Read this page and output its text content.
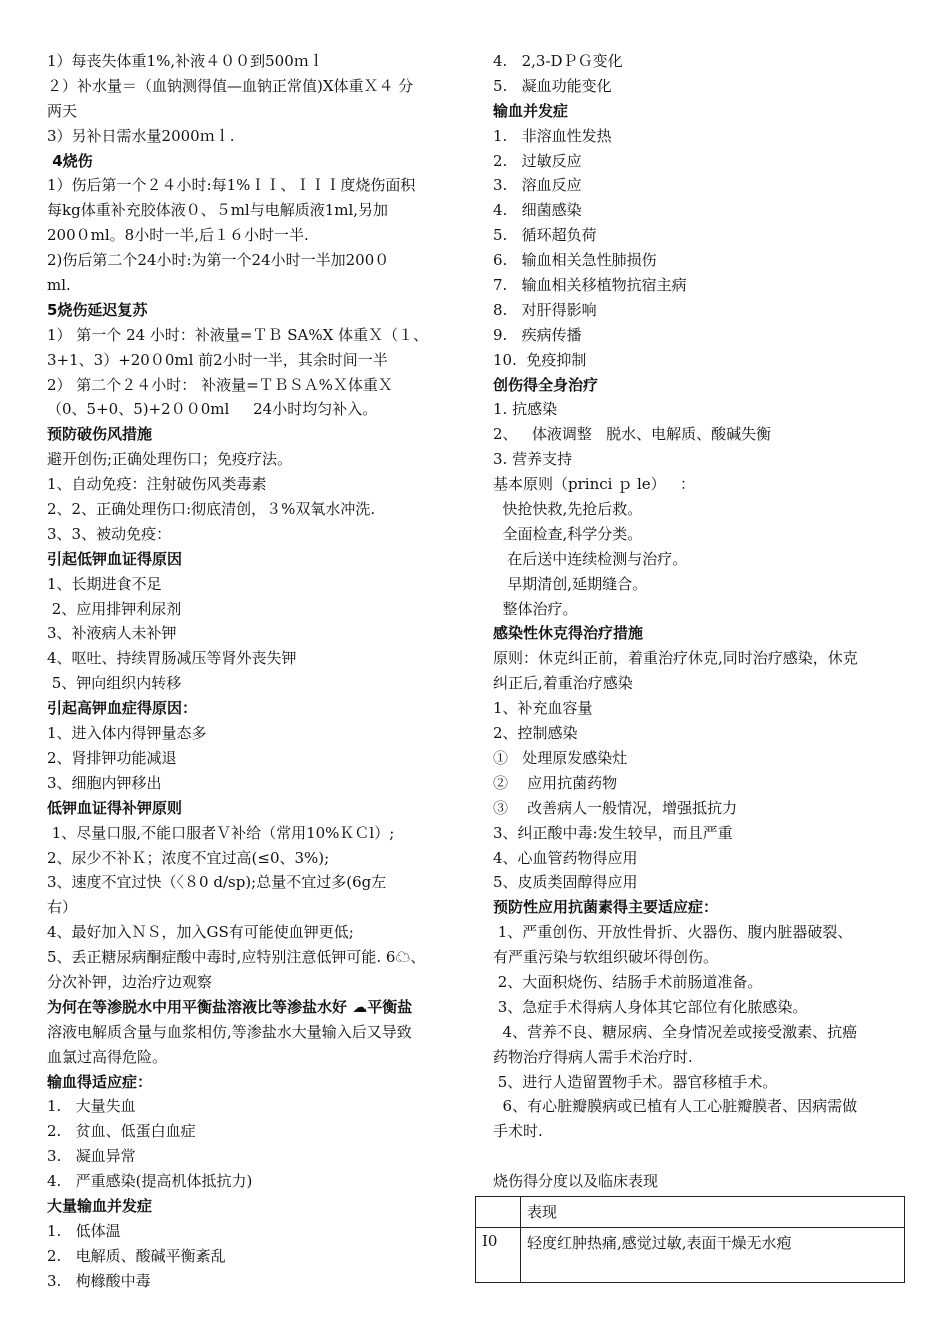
1）每丧失体重1%,补液４００到500ｍｌ
２）补水量＝（血钠测得值—血钠正常值)X体重Ｘ４ 分
两天
3）另补日需水量2000ｍｌ.
4烧伤
1）伤后第一个２４小时:每1%ＩＩ、ＩＩＩ度烧伤面积
每kg体重补充胶体液０、５ml与电解质液1ml,另加
200０ml。8小时一半,后１６小时一半.
2)伤后第二个24小时:为第一个24小时一半加200０
ml.
5烧伤延迟复苏
1） 第一个 24 小时：补液量=ＴＢ SA%X 体重Ｘ（１、
3+1、3）+20０0ml 前2小时一半，其余时间一半
2） 第二个２４小时： 补液量=ＴＢＳＡ%Ｘ体重Ｘ
（0、5+0、5)+2００0ml     24小时均匀补入。
预防破伤风措施
避开创伤;正确处理伤口；免疫疗法。
1、自动免疫：注射破伤风类毒素
2、2、正确处理伤口:彻底清创，３%双氧水冲洗.
3、3、被动免疫：
引起低钾血证得原因
1、长期进食不足
2、应用排钾利尿剂
3、补液病人未补钾
4、呕吐、持续胃肠减压等肾外丧失钾
5、钾向组织内转移
引起高钾血症得原因：
1、进入体内得钾量态多
2、肾排钾功能减退
3、细胞内钾移出
低钾血证得补钾原则
1、尽量口服,不能口服者Ｖ补给（常用10%ＫＣl）;
2、尿少不补Ｋ；浓度不宜过高(≤0、3%);
3、速度不宜过快（〈８0 d/sp);总量不宜过多(6g左
右）
4、最好加入ＮＳ，加入GS有可能使血钾更低;
5、丢正糖尿病酮症酸中毒时,应特别注意低钾可能. 6☁、
分次补钾，边治疗边观察
为何在等渗脱水中用平衡盐溶液比等渗盐水好 ☁平衡盐
溶液电解质含量与血浆相仿,等渗盐水大量输入后又导致
血氯过高得危险。
输血得适应症：
1.   大量失血
2.   贫血、低蛋白血症
3.   凝血异常
4.   严重感染(提高机体抵抗力)
大量输血并发症
1.   低体温
2.   电解质、酸碱平衡紊乱
3.   枸橼酸中毒
4.   2,3-DＰＧ变化
5.   凝血功能变化
输血并发症
1.   非溶血性发热
2.   过敏反应
3.   溶血反应
4.   细菌感染
5.   循环超负荷
6.   输血相关急性肺损伤
7.   输血相关移植物抗宿主病
8.   对肝得影响
9.   疾病传播
10.  免疫抑制
创伤得全身治疗
1. 抗感染
2、   体液调整   脱水、电解质、酸碱失衡
3. 营养支持
基本原则（princi ｐ le）   ：
快抢快救,先抢后救。
全面检查,科学分类。
在后送中连续检测与治疗。
早期清创,延期缝合。
整体治疗。
感染性休克得治疗措施
原则：休克纠正前，着重治疗休克,同时治疗感染，休克
纠正后,着重治疗感染
1、补充血容量
2、控制感染
①   处理原发感染灶
②    应用抗菌药物
③    改善病人一般情况，增强抵抗力
3、纠正酸中毒:发生较早，而且严重
4、心血管药物得应用
5、皮质类固醇得应用
预防性应用抗菌素得主要适应症：
1、严重创伤、开放性骨折、火器伤、腹内脏器破裂、
有严重污染与软组织破坏得创伤。
2、大面积烧伤、结肠手术前肠道准备。
3、急症手术得病人身体其它部位有化脓感染。
4、营养不良、糖尿病、全身情况差或接受激素、抗癌
药物治疗得病人需手术治疗时.
5、进行人造留置物手术。器官移植手术。
6、有心脏瓣膜病或已植有人工心脏瓣膜者、因病需做
手术时.
烧伤得分度以及临床表现
	表现
I0	轻度红肿热痛,感觉过敏,表面干燥无水疱
